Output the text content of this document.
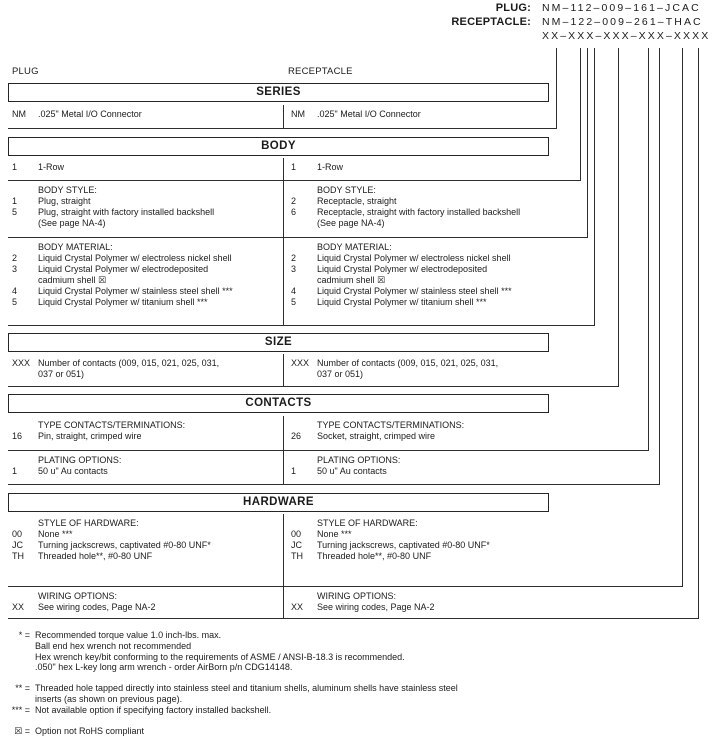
PLUG: NM–112–009–161–JCAC
RECEPTACLE: NM–122–009–261–THAC
XX–XXX–XXX–XXX–XXXX
PLUG	RECEPTACLE
SERIES
BODY
SIZE
CONTACTS
HARDWARE
NM	.025" Metal I/O Connector	NM	.025" Metal I/O Connector
1	1-Row	1	1-Row
BODY STYLE:
1	Plug, straight
5	Plug, straight with factory installed backshell
(See page NA-4)
BODY STYLE:
2	Receptacle, straight
6	Receptacle, straight with factory installed backshell
(See page NA-4)
BODY MATERIAL:
2	Liquid Crystal Polymer w/ electroless nickel shell
3	Liquid Crystal Polymer w/ electrodeposited
cadmium shell ☒
4	Liquid Crystal Polymer w/ stainless steel shell ***
5	Liquid Crystal Polymer w/ titanium shell ***
BODY MATERIAL:
2	Liquid Crystal Polymer w/ electroless nickel shell
3	Liquid Crystal Polymer w/ electrodeposited
cadmium shell ☒
4	Liquid Crystal Polymer w/ stainless steel shell ***
5	Liquid Crystal Polymer w/ titanium shell ***
XXX Number of contacts (009, 015, 021, 025, 031,
037 or 051)
XXX Number of contacts (009, 015, 021, 025, 031,
037 or 051)
TYPE CONTACTS/TERMINATIONS:
16	Pin, straight, crimped wire
TYPE CONTACTS/TERMINATIONS:
26	Socket, straight, crimped wire
PLATING OPTIONS:
1	50 u" Au contacts
PLATING OPTIONS:
1	50 u" Au contacts
STYLE OF HARDWARE:
00	None ***
JC	Turning jackscrews, captivated #0-80 UNF*
TH	Threaded hole**, #0-80 UNF
STYLE OF HARDWARE:
00	None ***
JC	Turning jackscrews, captivated #0-80 UNF*
TH	Threaded hole**, #0-80 UNF
WIRING OPTIONS:
XX	See wiring codes, Page NA-2
WIRING OPTIONS:
XX	See wiring codes, Page NA-2
* = Recommended torque value 1.0 inch-lbs. max.
Ball end hex wrench not recommended
Hex wrench key/bit conforming to the requirements of ASME / ANSI-B-18.3 is recommended.
.050" hex L-key long arm wrench - order AirBorn p/n CDG14148.
** = Threaded hole tapped directly into stainless steel and titanium shells, aluminum shells have stainless steel
inserts (as shown on previous page).
*** = Not available option if specifying factory installed backshell.
☒ = Option not RoHS compliant
